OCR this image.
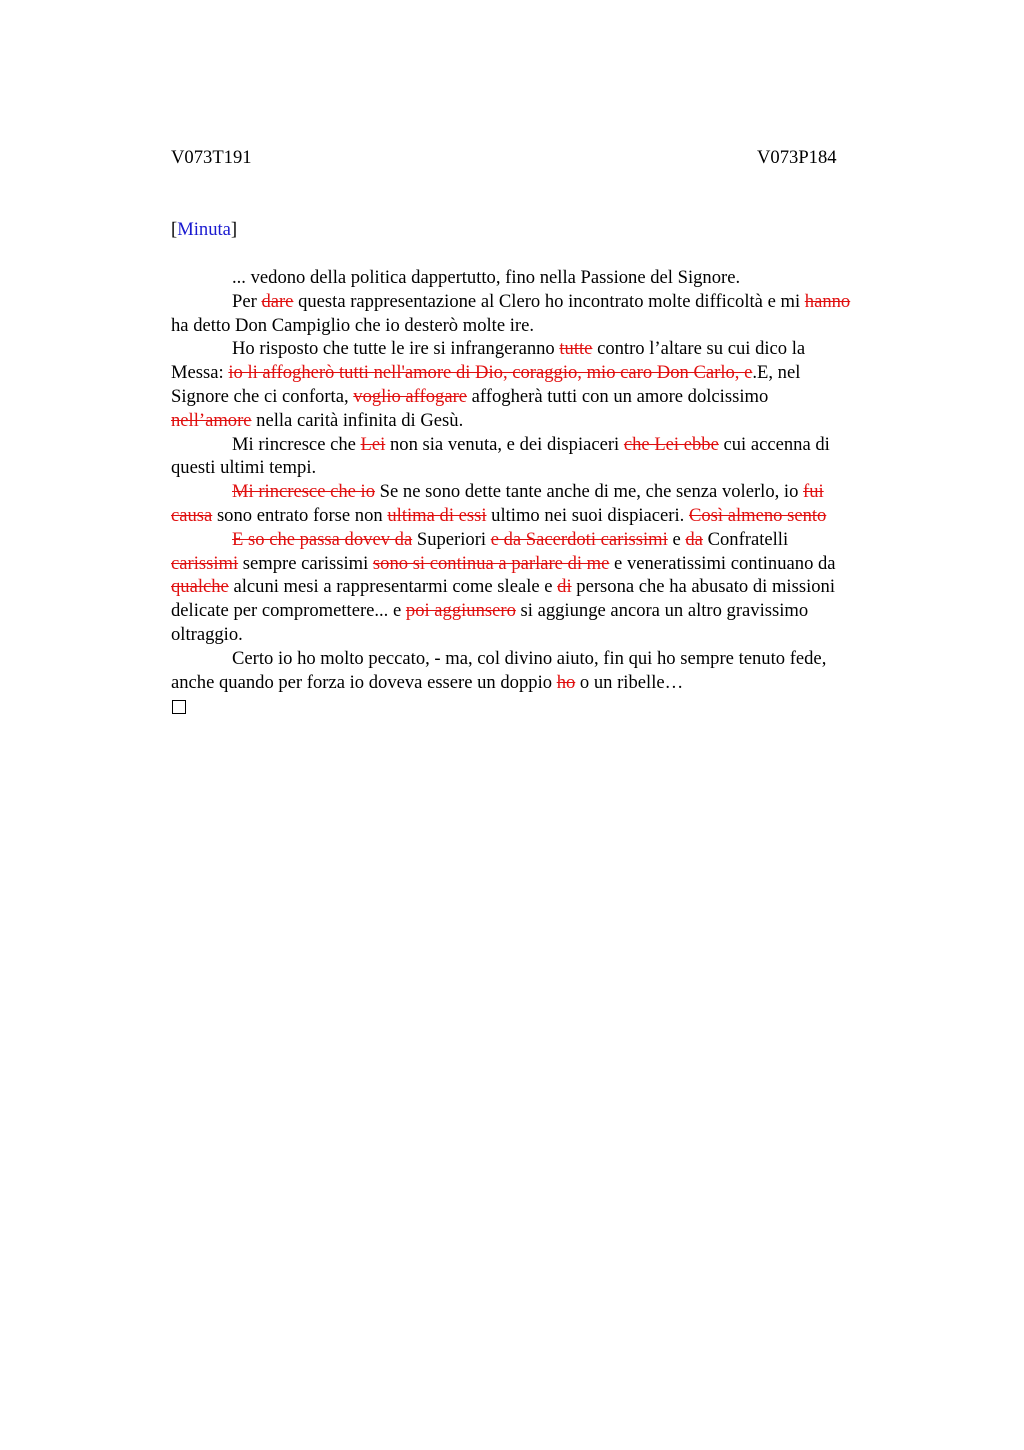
V073T191	V073P184
[Minuta]

... vedono della politica dappertutto, fino nella Passione del Signore.

Per dare questa rappresentazione al Clero ho incontrato molte difficoltà e mi hanno
ha detto Don Campiglio che io desterò molte ire.

Ho risposto che tutte le ire si infrangeranno tutte contro l’altare su cui dico la
Messa: io li affogherò tutti nell'amore di Dio, coraggio, mio caro Don Carlo, e.E, nel
Signore che ci conforta, voglio affogare affogherà tutti con un amore dolcissimo
nell’amore nella carità infinita di Gesù.

Mi rincresce che Lei non sia venuta, e dei dispiaceri che Lei ebbe cui accenna di
questi ultimi tempi.

Mi rincresce che io Se ne sono dette tante anche di me, che senza volerlo, io fui
causa sono entrato forse non ultima di essi ultimo nei suoi dispiaceri. Così almeno sento

E so che passa dovev da Superiori e da Sacerdoti carissimi e da Confratelli
carissimi sempre carissimi sono si continua a parlare di me e veneratissimi continuano da
qualche alcuni mesi a rappresentarmi come sleale e di persona che ha abusato di missioni
delicate per compromettere... e poi aggiunsero si aggiunge ancora un altro gravissimo
oltraggio.

Certo io ho molto peccato, - ma, col divino aiuto, fin qui ho sempre tenuto fede,
anche quando per forza io doveva essere un doppio ho o un ribelle…
